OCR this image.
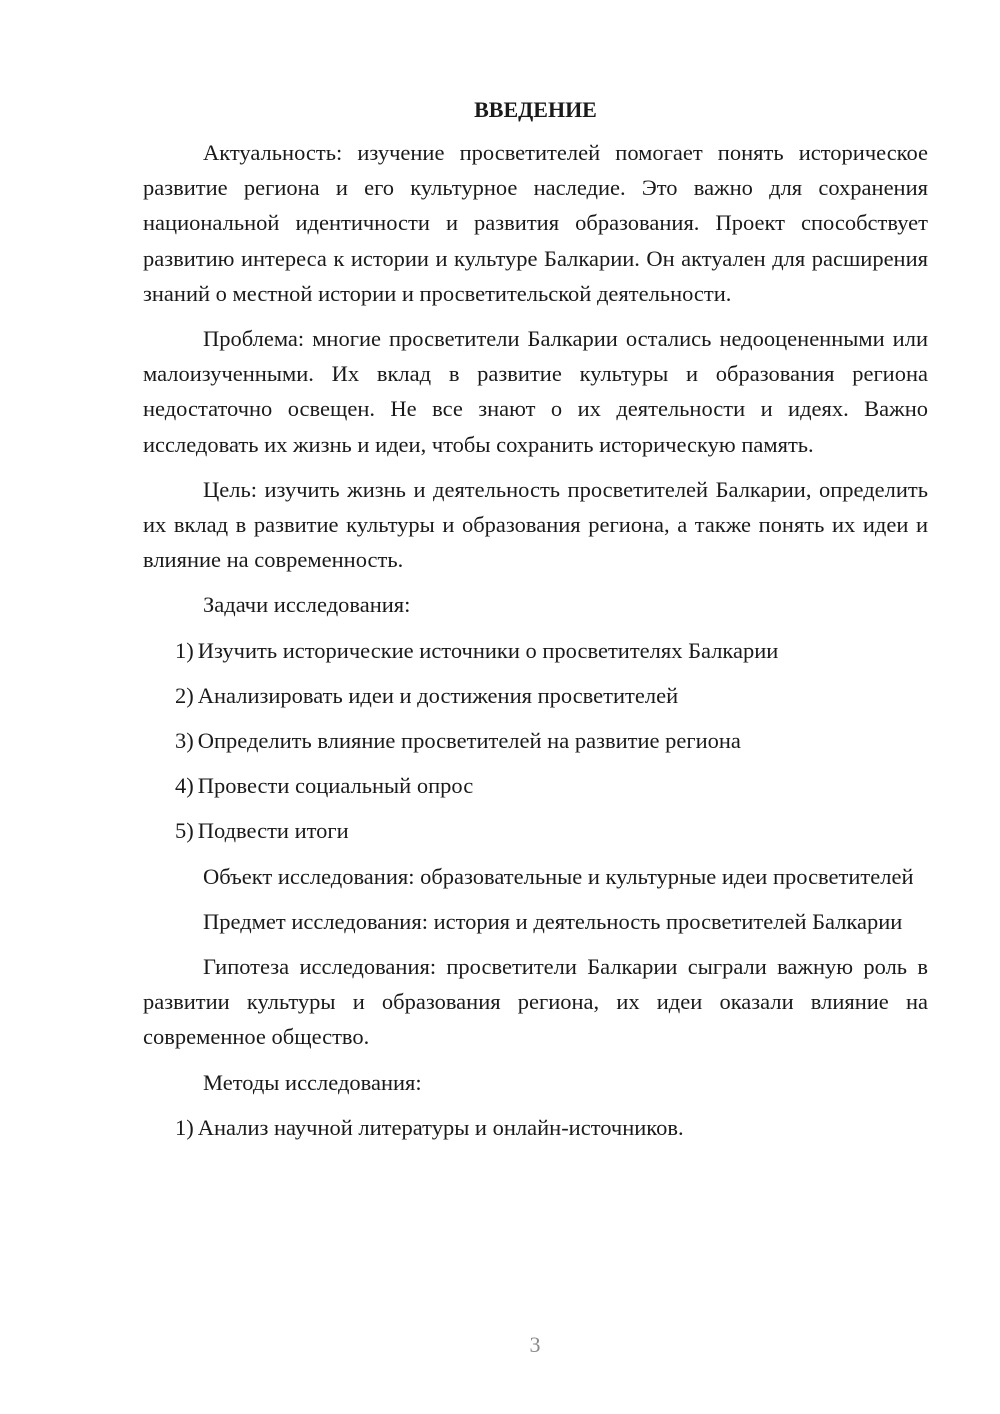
ВВЕДЕНИЕ

Актуальность: изучение просветителей помогает понять историческое развитие региона и его культурное наследие. Это важно для сохранения национальной идентичности и развития образования. Проект способствует развитию интереса к истории и культуре Балкарии. Он актуален для расширения знаний о местной истории и просветительской деятельности.

Проблема: многие просветители Балкарии остались недооцененными или малоизученными. Их вклад в развитие культуры и образования региона недостаточно освещен. Не все знают о их деятельности и идеях. Важно исследовать их жизнь и идеи, чтобы сохранить историческую память.

Цель: изучить жизнь и деятельность просветителей Балкарии, определить их вклад в развитие культуры и образования региона, а также понять их идеи и влияние на современность.

Задачи исследования:

1) Изучить исторические источники о просветителях Балкарии
2) Анализировать идеи и достижения просветителей
3) Определить влияние просветителей на развитие региона
4) Провести социальный опрос
5) Подвести итоги

Объект исследования: образовательные и культурные идеи просветителей

Предмет исследования: история и деятельность просветителей Балкарии

Гипотеза исследования: просветители Балкарии сыграли важную роль в развитии культуры и образования региона, их идеи оказали влияние на современное общество.

Методы исследования:

1) Анализ научной литературы и онлайн-источников.
3
